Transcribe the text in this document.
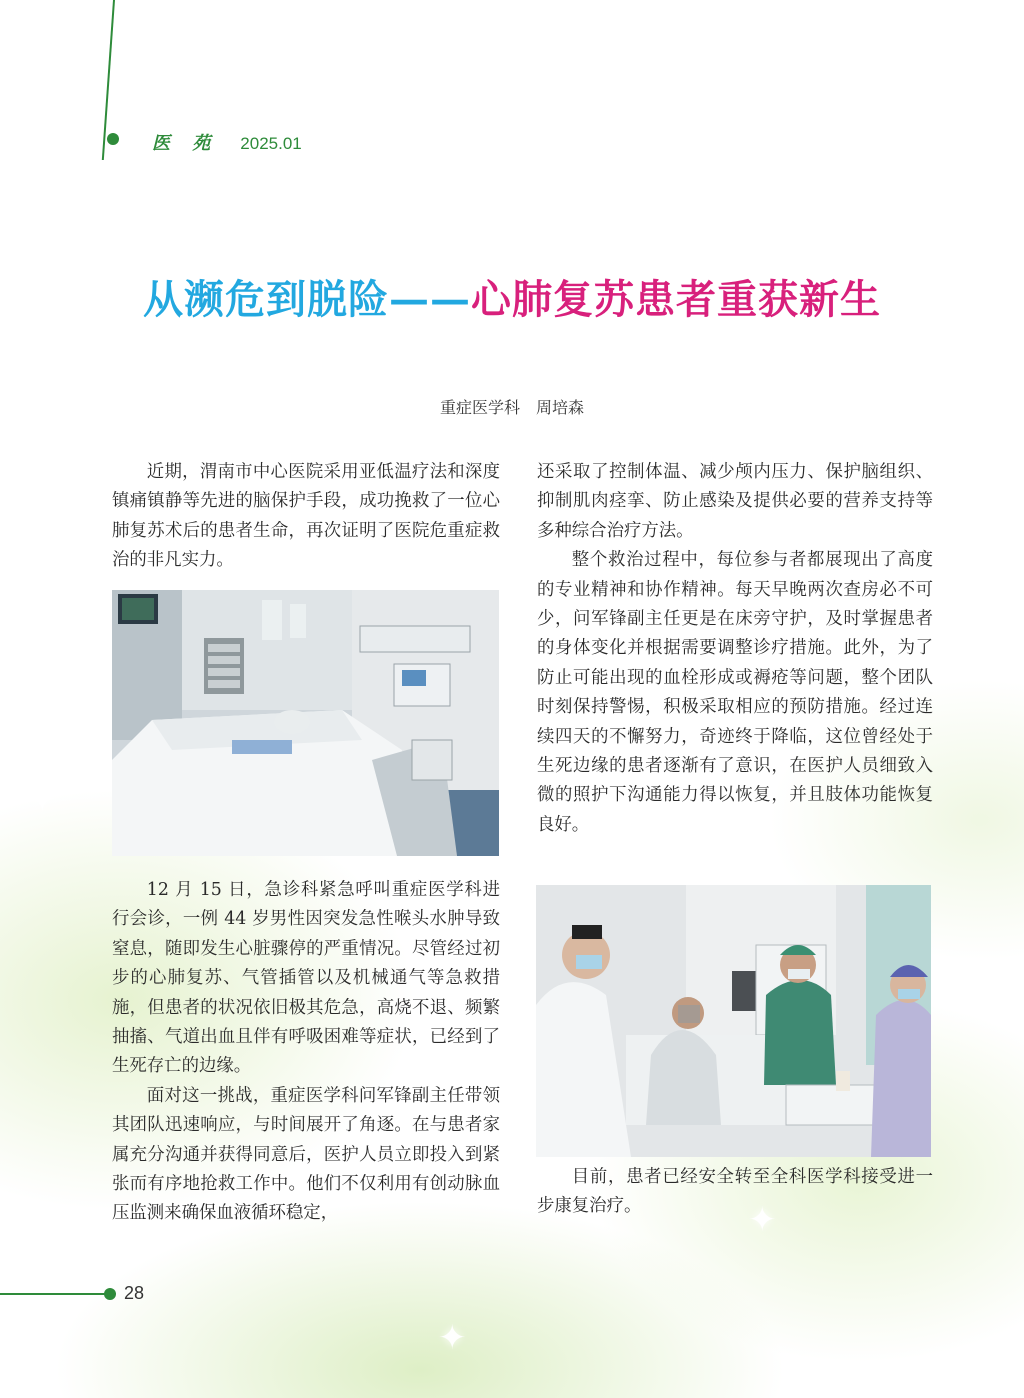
医 苑 2025.01
从濒危到脱险——心肺复苏患者重获新生
重症医学科 周培森

近期，渭南市中心医院采用亚低温疗法和深度镇痛镇静等先进的脑保护手段，成功挽救了一位心肺复苏术后的患者生命，再次证明了医院危重症救治的非凡实力。

12 月 15 日，急诊科紧急呼叫重症医学科进行会诊，一例 44 岁男性因突发急性喉头水肿导致窒息，随即发生心脏骤停的严重情况。尽管经过初步的心肺复苏、气管插管以及机械通气等急救措施，但患者的状况依旧极其危急，高烧不退、频繁抽搐、气道出血且伴有呼吸困难等症状，已经到了生死存亡的边缘。

面对这一挑战，重症医学科问军锋副主任带领其团队迅速响应，与时间展开了角逐。在与患者家属充分沟通并获得同意后，医护人员立即投入到紧张而有序地抢救工作中。他们不仅利用有创动脉血压监测来确保血液循环稳定，

还采取了控制体温、减少颅内压力、保护脑组织、抑制肌肉痉挛、防止感染及提供必要的营养支持等多种综合治疗方法。

整个救治过程中，每位参与者都展现出了高度的专业精神和协作精神。每天早晚两次查房必不可少，问军锋副主任更是在床旁守护，及时掌握患者的身体变化并根据需要调整诊疗措施。此外，为了防止可能出现的血栓形成或褥疮等问题，整个团队时刻保持警惕，积极采取相应的预防措施。经过连续四天的不懈努力，奇迹终于降临，这位曾经处于生死边缘的患者逐渐有了意识，在医护人员细致入微的照护下沟通能力得以恢复，并且肢体功能恢复良好。

目前，患者已经安全转至全科医学科接受进一步康复治疗。

✦
✦
✦
28
